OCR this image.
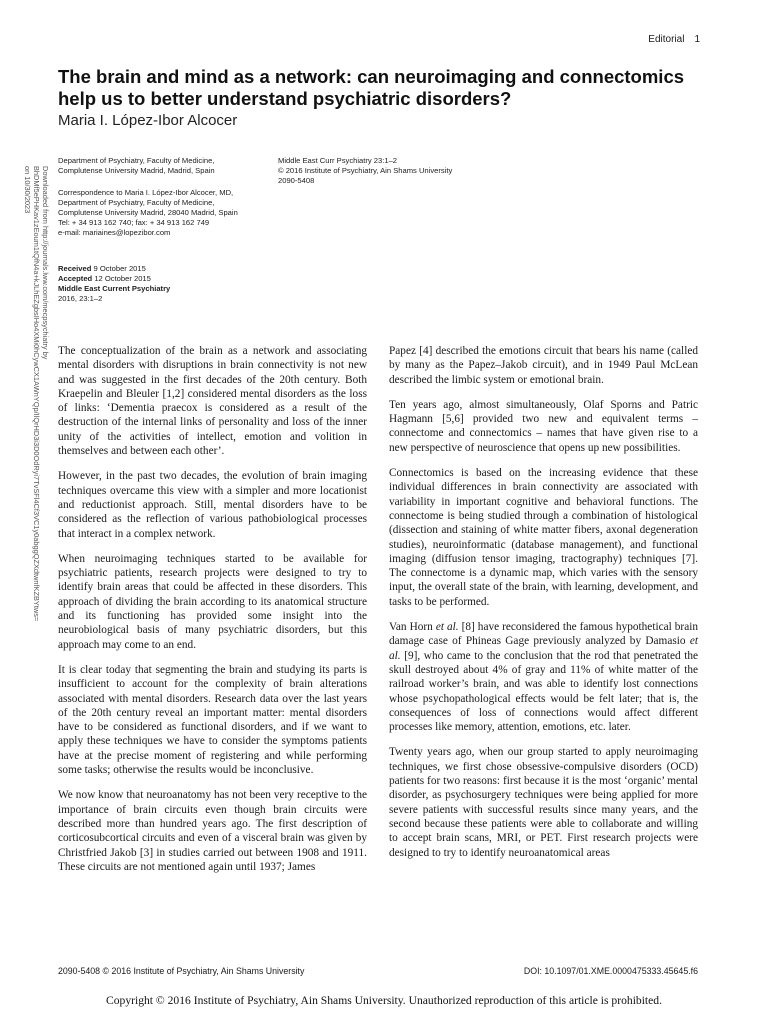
Editorial 1
The brain and mind as a network: can neuroimaging and connectomics help us to better understand psychiatric disorders?
Maria I. López-Ibor Alcocer
Department of Psychiatry, Faculty of Medicine,
Complutense University Madrid, Madrid, Spain
Middle East Curr Psychiatry 23:1–2
© 2016 Institute of Psychiatry, Ain Shams University
2090-5408
Correspondence to Maria I. López-Ibor Alcocer, MD,
Department of Psychiatry, Faculty of Medicine,
Complutense University Madrid, 28040 Madrid, Spain
Tel: + 34 913 162 740; fax: + 34 913 162 749
e-mail: mariaines@lopezibor.com
Received 9 October 2015
Accepted 12 October 2015
Middle East Current Psychiatry
2016, 23:1–2
Downloaded from http://journals.lww.com/mecpsychiatry by BhDMf5ePHKav1zEoum1tQfN4a+kJLhEZgbsIHo4XMi0hCywCX1AWnYQp/IlQrHD3i3D0OdRyi7TvSFl4Cf3VC1y0abggQZXdtwnfKZBYtws= on 10/30/2023

The conceptualization of the brain as a network and associating mental disorders with disruptions in brain connectivity is not new and was suggested in the first decades of the 20th century. Both Kraepelin and Bleuler [1,2] considered mental disorders as the loss of links: ‘Dementia praecox is considered as a result of the destruction of the internal links of personality and loss of the inner unity of the activities of intellect, emotion and volition in themselves and between each other’.

However, in the past two decades, the evolution of brain imaging techniques overcame this view with a simpler and more locationist and reductionist approach. Still, mental disorders have to be considered as the reflection of various pathobiological processes that interact in a complex network.

When neuroimaging techniques started to be available for psychiatric patients, research projects were designed to try to identify brain areas that could be affected in these disorders. This approach of dividing the brain according to its anatomical structure and its functioning has provided some insight into the neurobiological basis of many psychiatric disorders, but this approach may come to an end.

It is clear today that segmenting the brain and studying its parts is insufficient to account for the complexity of brain alterations associated with mental disorders. Research data over the last years of the 20th century reveal an important matter: mental disorders have to be considered as functional disorders, and if we want to apply these techniques we have to consider the symptoms patients have at the precise moment of registering and while performing some tasks; otherwise the results would be inconclusive.

We now know that neuroanatomy has not been very receptive to the importance of brain circuits even though brain circuits were described more than hundred years ago. The first description of corticosubcortical circuits and even of a visceral brain was given by Christfried Jakob [3] in studies carried out between 1908 and 1911. These circuits are not mentioned again until 1937; James

Papez [4] described the emotions circuit that bears his name (called by many as the Papez–Jakob circuit), and in 1949 Paul McLean described the limbic system or emotional brain.

Ten years ago, almost simultaneously, Olaf Sporns and Patric Hagmann [5,6] provided two new and equivalent terms – connectome and connectomics – names that have given rise to a new perspective of neuroscience that opens up new possibilities.

Connectomics is based on the increasing evidence that these individual differences in brain connectivity are associated with variability in important cognitive and behavioral functions. The connectome is being studied through a combination of histological (dissection and staining of white matter fibers, axonal degeneration studies), neuroinformatic (database management), and functional imaging (diffusion tensor imaging, tractography) techniques [7]. The connectome is a dynamic map, which varies with the sensory input, the overall state of the brain, with learning, development, and tasks to be performed.

Van Horn et al. [8] have reconsidered the famous hypothetical brain damage case of Phineas Gage previously analyzed by Damasio et al. [9], who came to the conclusion that the rod that penetrated the skull destroyed about 4% of gray and 11% of white matter of the railroad worker’s brain, and was able to identify lost connections whose psychopathological effects would be felt later; that is, the consequences of loss of connections would affect different processes like memory, attention, emotions, etc. later.

Twenty years ago, when our group started to apply neuroimaging techniques, we first chose obsessive-compulsive disorders (OCD) patients for two reasons: first because it is the most ‘organic’ mental disorder, as psychosurgery techniques were being applied for more severe patients with successful results since many years, and the second because these patients were able to collaborate and willing to accept brain scans, MRI, or PET. First research projects were designed to try to identify neuroanatomical areas

2090-5408 © 2016 Institute of Psychiatry, Ain Shams University	DOI: 10.1097/01.XME.0000475333.45645.f6
Copyright © 2016 Institute of Psychiatry, Ain Shams University. Unauthorized reproduction of this article is prohibited.
